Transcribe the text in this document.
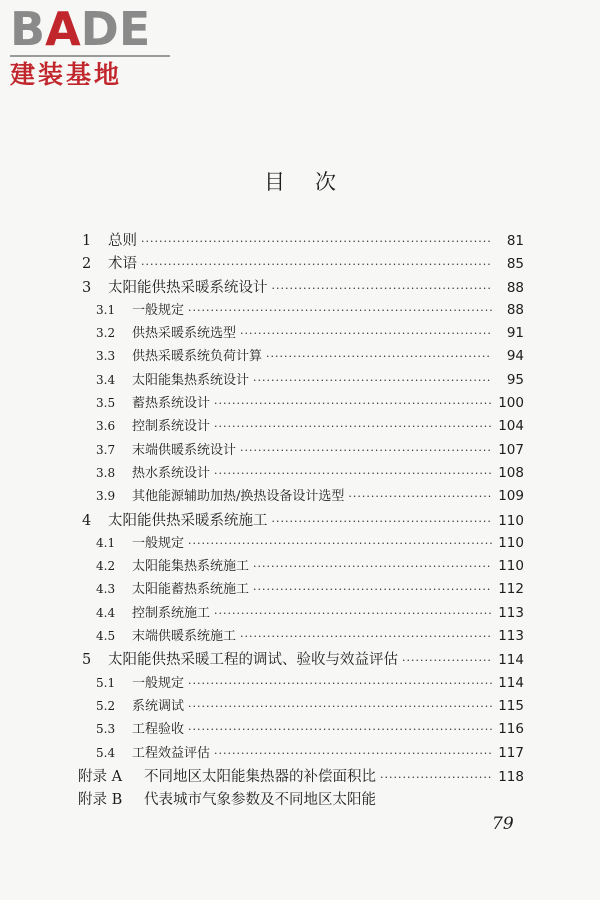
BADE
建装基地
目次
1	总则 ·····	81
2	术语 ·····	85
3	太阳能供热采暖系统设计 ·····	88
3.1	一般规定 ·····	88
3.2	供热采暖系统选型 ·····	91
3.3	供热采暖系统负荷计算 ·····	94
3.4	太阳能集热系统设计 ·····	95
3.5	蓄热系统设计 ·····	100
3.6	控制系统设计 ·····	104
3.7	末端供暖系统设计 ·····	107
3.8	热水系统设计 ·····	108
3.9	其他能源辅助加热/换热设备设计选型 ·····	109
4	太阳能供热采暖系统施工 ·····	110
4.1	一般规定 ·····	110
4.2	太阳能集热系统施工 ·····	110
4.3	太阳能蓄热系统施工 ·····	112
4.4	控制系统施工 ·····	113
4.5	末端供暖系统施工 ·····	113
5	太阳能供热采暖工程的调试、验收与效益评估 ·····	114
5.1	一般规定 ·····	114
5.2	系统调试 ·····	115
5.3	工程验收 ·····	116
5.4	工程效益评估 ·····	117
附录 A	不同地区太阳能集热器的补偿面积比 ·····	118
附录 B	代表城市气象参数及不同地区太阳能
79
